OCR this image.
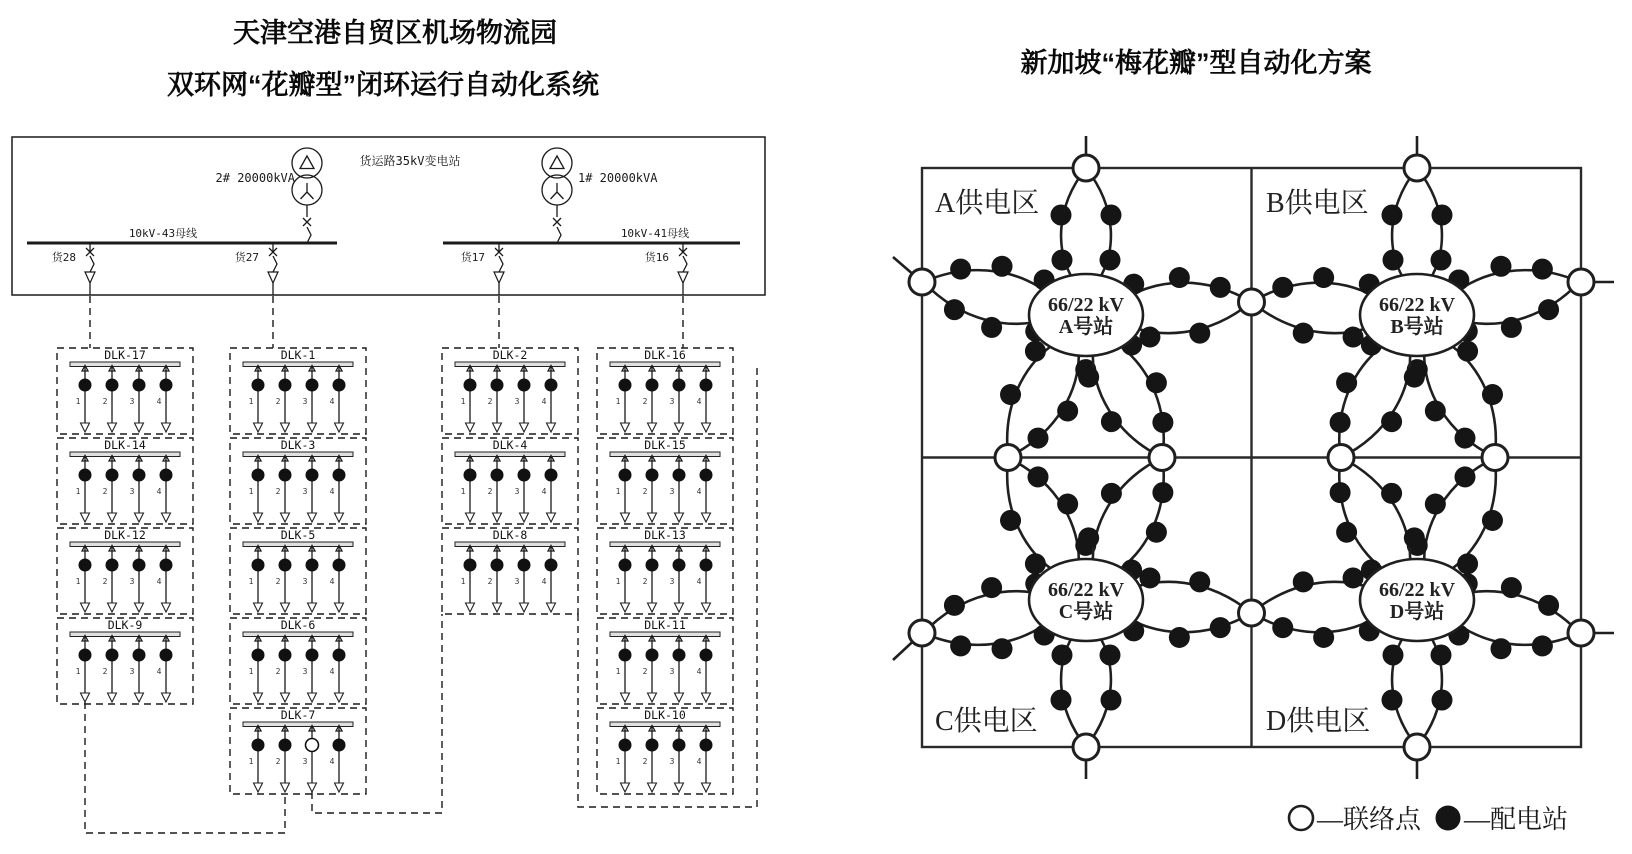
3	4
天津空港自贸区机场物流园
双环网“花瓣型”闭环运行自动化系统
货运路35kV变电站
2# 20000kVA	1# 20000kVA
10kV-43母线	10kV-41母线
货28	货27	货17	货16
DLK-17
DLK-14
DLK-12
DLK-9
DLK-1
DLK-3
DLK-5
DLK-6
DLK-7
DLK-2
DLK-4
DLK-8
DLK-16
DLK-15
DLK-13
DLK-11
DLK-10
新加坡“梅花瓣”型自动化方案
66/22 kV
A号站
66/22 kV
B号站
66/22 kV
C号站
66/22 kV
D号站
A供电区	B供电区
C供电区	D供电区
—联络点 —配电站
